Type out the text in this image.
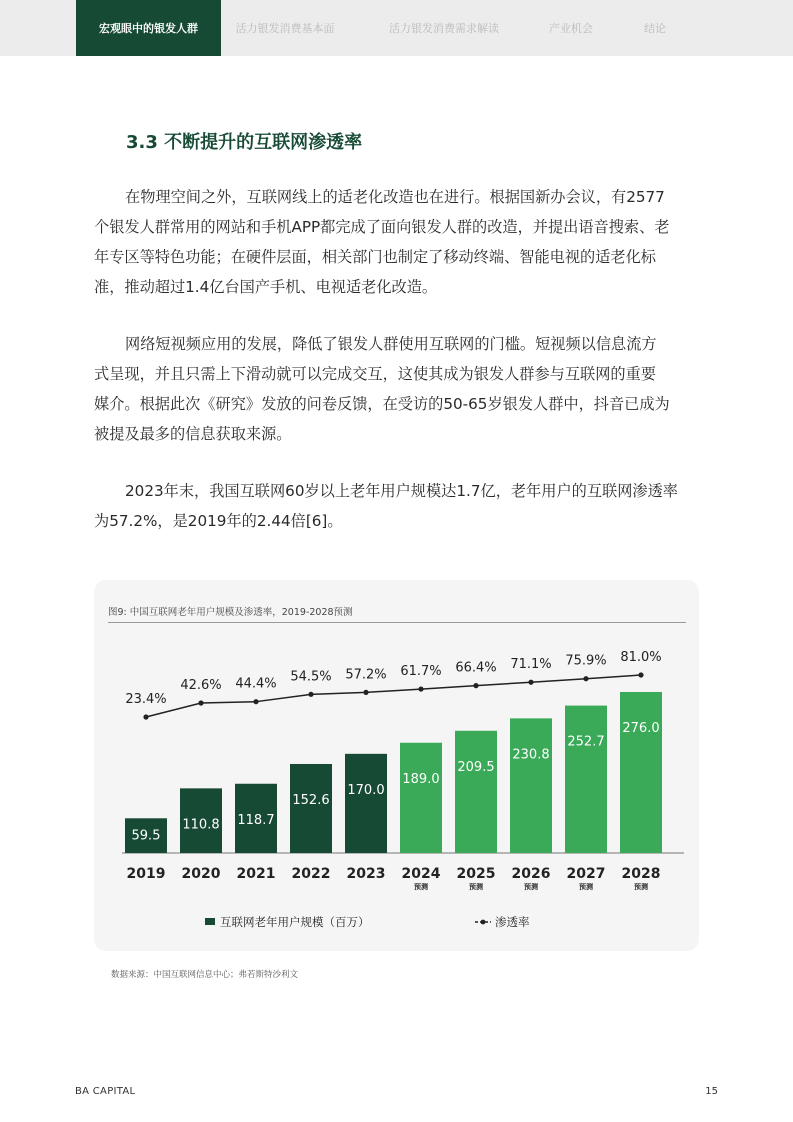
宏观眼中的银发人群	活力银发消费基本面	活力银发消费需求解读	产业机会	结论
3.3 不断提升的互联网渗透率

在物理空间之外，互联网线上的适老化改造也在进行。根据国新办会议，有2577
个银发人群常用的网站和手机APP都完成了面向银发人群的改造，并提出语音搜索、老
年专区等特色功能；在硬件层面，相关部门也制定了移动终端、智能电视的适老化标
准，推动超过1.4亿台国产手机、电视适老化改造。

网络短视频应用的发展，降低了银发人群使用互联网的门槛。短视频以信息流方
式呈现，并且只需上下滑动就可以完成交互，这使其成为银发人群参与互联网的重要
媒介。根据此次《研究》发放的问卷反馈，在受访的50-65岁银发人群中，抖音已成为
被提及最多的信息获取来源。

2023年末，我国互联网60岁以上老年用户规模达1.7亿，老年用户的互联网渗透率
为57.2%，是2019年的2.44倍[6]。

图9: 中国互联网老年用户规模及渗透率，2019-2028预测
59.5
2019
110.8
2020
118.7
2021
152.6
2022
170.0
2023
189.0
2024
预测
209.5
2025
预测
230.8
2026
预测
252.7
2027
预测
276.0
2028
预测
23.4%
42.6% 44.4% 54.5% 57.2% 61.7% 66.4% 71.1% 75.9% 81.0%
互联网老年用户规模（百万）	渗透率
数据来源：中国互联网信息中心；弗若斯特沙利文
BA CAPITAL	15
